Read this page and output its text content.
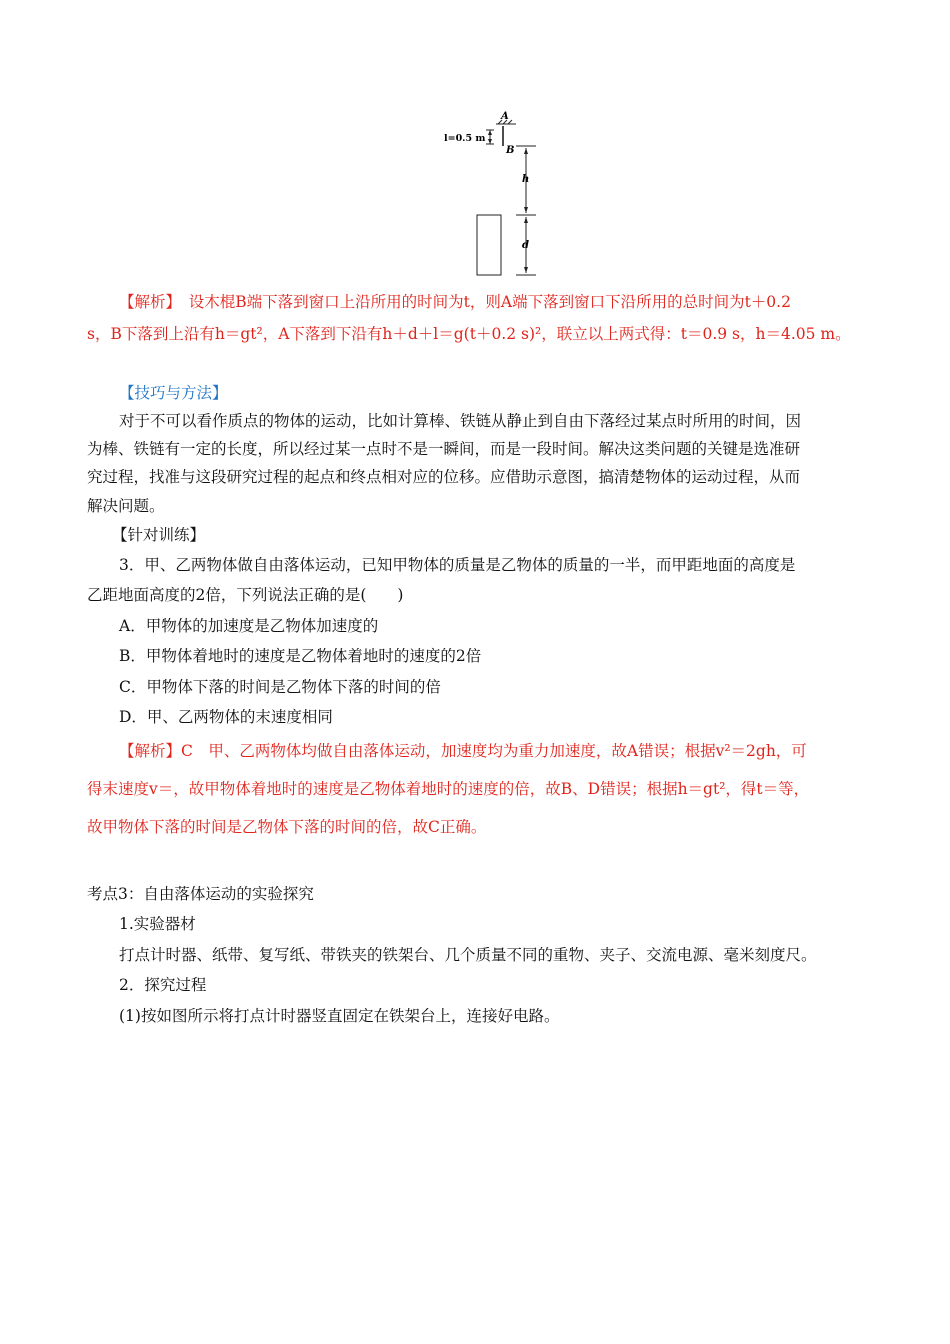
A
B
l=0.5 m
h
d
【解析】　设木棍B端下落到窗口上沿所用的时间为t，则A端下落到窗口下沿所用的总时间为t＋0.2
s，B下落到上沿有h＝gt²，A下落到下沿有h＋d＋l＝g(t＋0.2 s)²，联立以上两式得：t＝0.9 s，h＝4.05 m。
【技巧与方法】
对于不可以看作质点的物体的运动，比如计算棒、铁链从静止到自由下落经过某点时所用的时间，因
为棒、铁链有一定的长度，所以经过某一点时不是一瞬间，而是一段时间。解决这类问题的关键是选准研
究过程，找准与这段研究过程的起点和终点相对应的位移。应借助示意图，搞清楚物体的运动过程，从而
解决问题。
【针对训练】
3．甲、乙两物体做自由落体运动，已知甲物体的质量是乙物体的质量的一半，而甲距地面的高度是
乙距地面高度的2倍，下列说法正确的是(　　)
A．甲物体的加速度是乙物体加速度的
B．甲物体着地时的速度是乙物体着地时的速度的2倍
C．甲物体下落的时间是乙物体下落的时间的倍
D．甲、乙两物体的末速度相同
【解析】C　甲、乙两物体均做自由落体运动，加速度均为重力加速度，故A错误；根据v²＝2gh，可
得末速度v＝，故甲物体着地时的速度是乙物体着地时的速度的倍，故B、D错误；根据h＝gt²，得t＝等，
故甲物体下落的时间是乙物体下落的时间的倍，故C正确。
考点3：自由落体运动的实验探究
1.实验器材
打点计时器、纸带、复写纸、带铁夹的铁架台、几个质量不同的重物、夹子、交流电源、毫米刻度尺。
2．探究过程
(1)按如图所示将打点计时器竖直固定在铁架台上，连接好电路。
